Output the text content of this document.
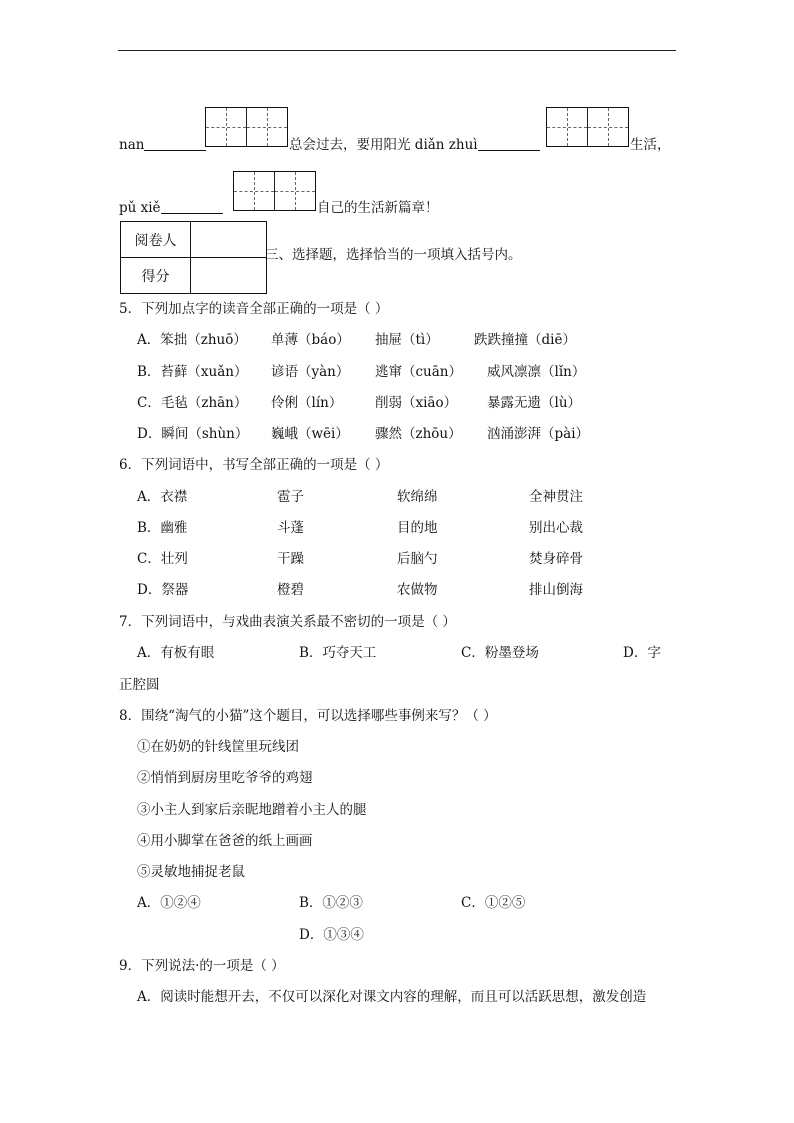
nan	总会过去，要用阳光 diǎn zhuì	生活，
pǔ xiě	自己的生活新篇章！
阅卷人	
得分	
三、选择题，选择恰当的一项填入括号内。
5．下列加点字的读音全部正确的一项是（ ）
A．笨拙（zhuō） 单薄（báo） 抽屉（tì）	跌跌撞撞（diē）
B．苔藓（xuǎn） 谚语（yàn） 逃窜（cuān） 威风凛凛（lǐn）
C．毛毡（zhān） 伶俐（lín） 削弱（xiāo） 暴露无遗（lù）
D．瞬间（shùn） 巍峨（wēi） 骤然（zhōu） 汹涌澎湃（pài）
6．下列词语中，书写全部正确的一项是（ ）
A．衣襟	雹子	软绵绵	全神贯注
B．幽雅	斗蓬	目的地	别出心裁
C．壮列	干躁	后脑勺	焚身碎骨
D．祭器	橙碧	农做物	排山倒海
7．下列词语中，与戏曲表演关系最不密切的一项是（ ）
A．有板有眼	B．巧夺天工	C．粉墨登场	D．字
正腔圆
8．围绕“淘气的小猫”这个题目，可以选择哪些事例来写？（ ）
①在奶奶的针线筐里玩线团
②悄悄到厨房里吃爷爷的鸡翅
③小主人到家后亲昵地蹭着小主人的腿
④用小脚掌在爸爸的纸上画画
⑤灵敏地捕捉老鼠
A．①②④	B．①②③	C．①②⑤
D．①③④
9．下列说法·的一项是（ ）
A．阅读时能想开去，不仅可以深化对课文内容的理解，而且可以活跃思想，激发创造
